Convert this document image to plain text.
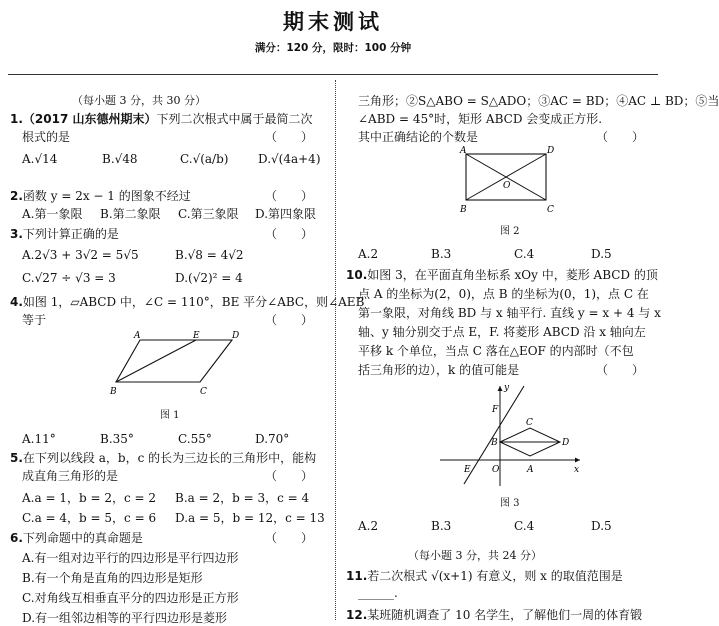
期末测试
满分：120 分，限时：100 分钟
（每小题 3 分，共 30 分）
1.（2017 山东德州期末）下列二次根式中属于最简二次
根式的是	（　　）
A.√14	B.√48	C.√(a/b) D.√(4a+4)
2.函数 y = 2x − 1 的图象不经过	（　　）
A.第一象限 B.第二象限 C.第三象限 D.第四象限
3.下列计算正确的是	（　　）
A.2√3 + 3√2 = 5√5	B.√8 = 4√2
C.√27 ÷ √3 = 3	D.(√2)² = 4
4.如图 1，▱ABCD 中，∠C = 110°，BE 平分∠ABC，则∠AEB
等于	（　　）
A	E	D
B	C
图 1
A.11°	B.35°	C.55°	D.70°
5.在下列以线段 a，b，c 的长为三边长的三角形中，能构
成直角三角形的是	（　　）
A.a = 1，b = 2，c = 2 B.a = 2，b = 3，c = 4
C.a = 4，b = 5，c = 6 D.a = 5，b = 12，c = 13
6.下列命题中的真命题是	（　　）
A.有一组对边平行的四边形是平行四边形
B.有一个角是直角的四边形是矩形
C.对角线互相垂直平分的四边形是正方形
D.有一组邻边相等的平行四边形是菱形
三角形；②S△ABO = S△ADO；③AC = BD；④AC ⊥ BD；⑤当
∠ABD = 45°时，矩形 ABCD 会变成正方形.
其中正确结论的个数是	（　　）
A	D
O
B	C
图 2
A.2	B.3	C.4	D.5
10.如图 3，在平面直角坐标系 xOy 中，菱形 ABCD 的顶
点 A 的坐标为(2，0)，点 B 的坐标为(0，1)，点 C 在
第一象限，对角线 BD 与 x 轴平行. 直线 y = x + 4 与 x
轴、y 轴分别交于点 E，F. 将菱形 ABCD 沿 x 轴向左
平移 k 个单位，当点 C 落在△EOF 的内部时（不包
括三角形的边），k 的值可能是	（　　）
y
F
B
C
D
E O	A	x
图 3
A.2	B.3	C.4	D.5
（每小题 3 分，共 24 分）
11.若二次根式 √(x+1) 有意义，则 x 的取值范围是
______.
12.某班随机调查了 10 名学生，了解他们一周的体育锻
